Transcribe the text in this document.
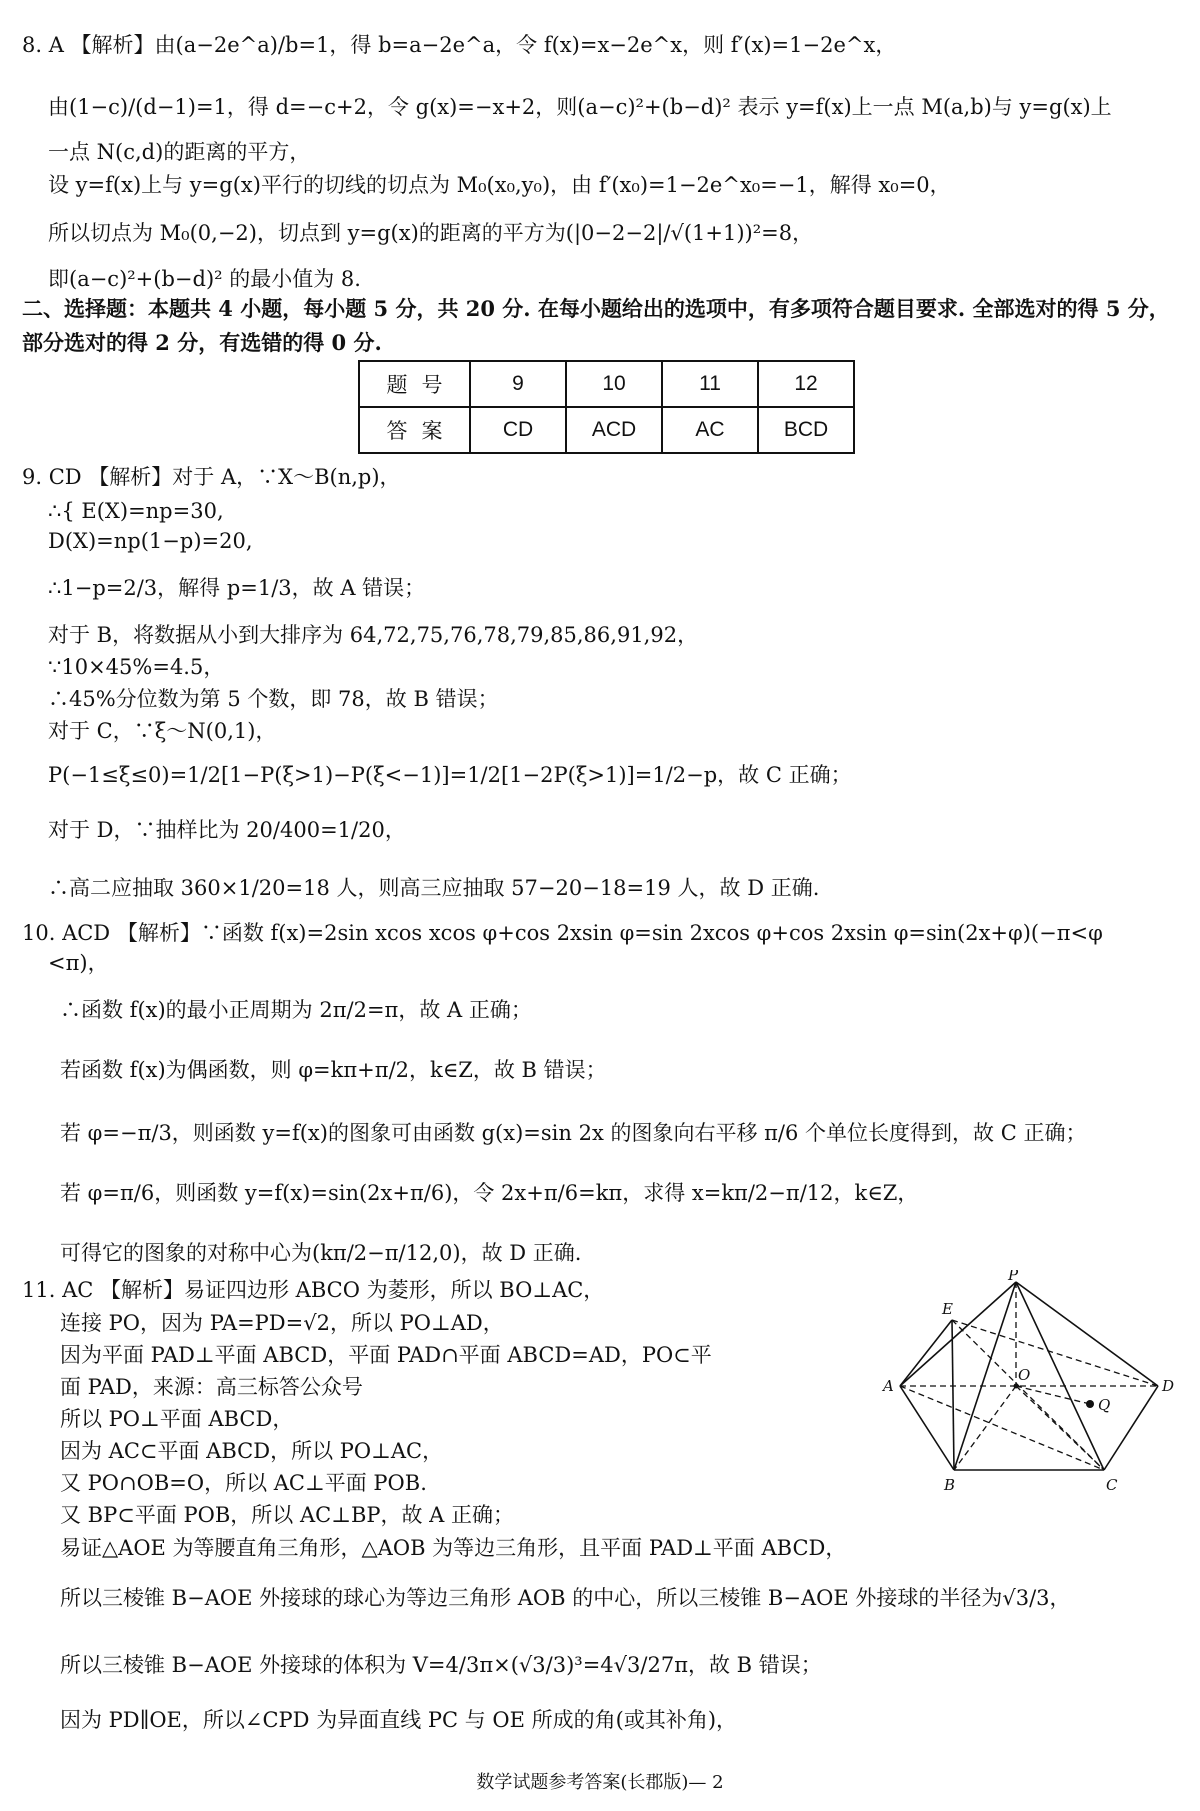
8. A 【解析】由(a−2e^a)/b=1，得 b=a−2e^a，令 f(x)=x−2e^x，则 f′(x)=1−2e^x，
由(1−c)/(d−1)=1，得 d=−c+2，令 g(x)=−x+2，则(a−c)²+(b−d)² 表示 y=f(x)上一点 M(a,b)与 y=g(x)上
一点 N(c,d)的距离的平方，
设 y=f(x)上与 y=g(x)平行的切线的切点为 M₀(x₀,y₀)，由 f′(x₀)=1−2e^x₀=−1，解得 x₀=0，
所以切点为 M₀(0,−2)，切点到 y=g(x)的距离的平方为(|0−2−2|/√(1+1))²=8，
即(a−c)²+(b−d)² 的最小值为 8.
二、选择题：本题共 4 小题，每小题 5 分，共 20 分. 在每小题给出的选项中，有多项符合题目要求. 全部选对的得 5 分，部分选对的得 2 分，有选错的得 0 分.
题号	9	10	11	12
答案	CD	ACD	AC	BCD
9. CD 【解析】对于 A，∵X～B(n,p)，
∴{ E(X)=np=30,
D(X)=np(1−p)=20,
∴1−p=2/3，解得 p=1/3，故 A 错误；
对于 B，将数据从小到大排序为 64,72,75,76,78,79,85,86,91,92，
∵10×45%=4.5，
∴45%分位数为第 5 个数，即 78，故 B 错误；
对于 C，∵ξ～N(0,1)，
P(−1≤ξ≤0)=1/2[1−P(ξ>1)−P(ξ<−1)]=1/2[1−2P(ξ>1)]=1/2−p，故 C 正确；
对于 D，∵抽样比为 20/400=1/20，
∴高二应抽取 360×1/20=18 人，则高三应抽取 57−20−18=19 人，故 D 正确.
10. ACD 【解析】∵函数 f(x)=2sin xcos xcos φ+cos 2xsin φ=sin 2xcos φ+cos 2xsin φ=sin(2x+φ)(−π<φ
<π)，
∴函数 f(x)的最小正周期为 2π/2=π，故 A 正确；
若函数 f(x)为偶函数，则 φ=kπ+π/2，k∈Z，故 B 错误；
若 φ=−π/3，则函数 y=f(x)的图象可由函数 g(x)=sin 2x 的图象向右平移 π/6 个单位长度得到，故 C 正确；
若 φ=π/6，则函数 y=f(x)=sin(2x+π/6)，令 2x+π/6=kπ，求得 x=kπ/2−π/12，k∈Z，
可得它的图象的对称中心为(kπ/2−π/12,0)，故 D 正确.
11. AC 【解析】易证四边形 ABCO 为菱形，所以 BO⊥AC，
连接 PO，因为 PA=PD=√2，所以 PO⊥AD，
因为平面 PAD⊥平面 ABCD，平面 PAD∩平面 ABCD=AD，PO⊂平
面 PAD，来源：高三标答公众号
所以 PO⊥平面 ABCD，
因为 AC⊂平面 ABCD，所以 PO⊥AC，
又 PO∩OB=O，所以 AC⊥平面 POB.
又 BP⊂平面 POB，所以 AC⊥BP，故 A 正确；
易证△AOE 为等腰直角三角形，△AOB 为等边三角形，且平面 PAD⊥平面 ABCD，
所以三棱锥 B−AOE 外接球的球心为等边三角形 AOB 的中心，所以三棱锥 B−AOE 外接球的半径为√3/3，
所以三棱锥 B−AOE 外接球的体积为 V=4/3π×(√3/3)³=4√3/27π，故 B 错误；
因为 PD∥OE，所以∠CPD 为异面直线 PC 与 OE 所成的角(或其补角)，
P
E
A
O
Q
D
B	C
数学试题参考答案(长郡版)— 2
